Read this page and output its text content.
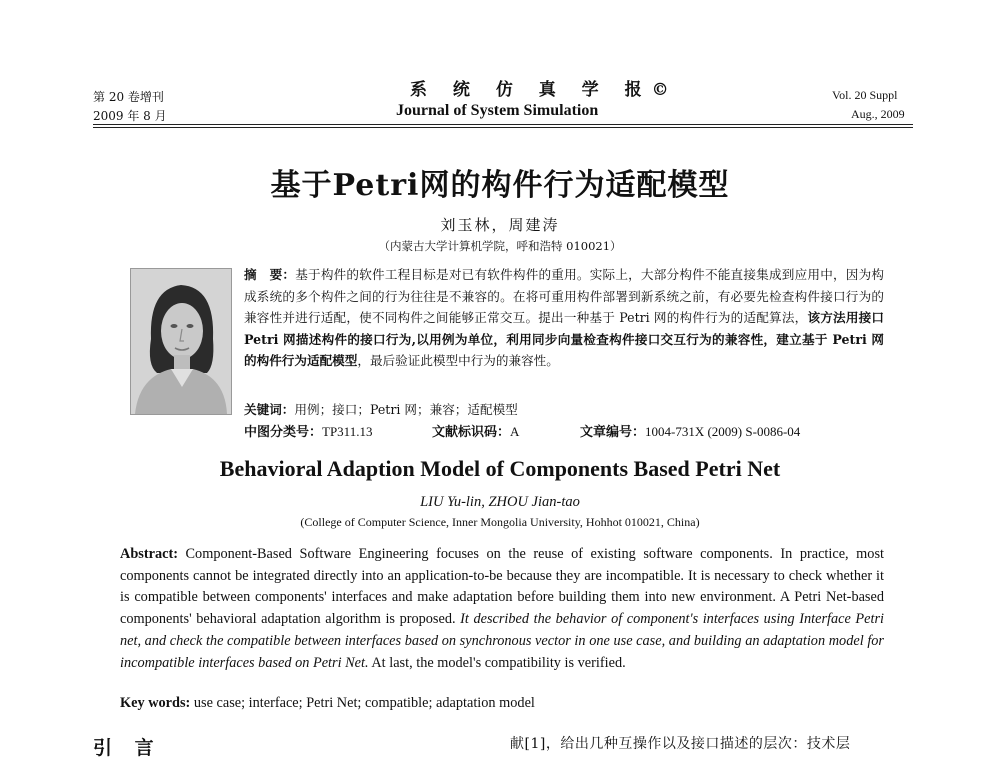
第 20 卷增刊
2009 年 8 月
系 统 仿 真 学 报©
Journal of System Simulation
Vol. 20 Suppl
Aug., 2009
基于Petri网的构件行为适配模型
刘玉林，周建涛
（内蒙古大学计算机学院，呼和浩特 010021）
摘　要：基于构件的软件工程目标是对已有软件构件的重用。实际上，大部分构件不能直接集成到应用中，因为构成系统的多个构件之间的行为往往是不兼容的。在将可重用构件部署到新系统之前，有必要先检查构件接口行为的兼容性并进行适配，使不同构件之间能够正常交互。提出一种基于 Petri 网的构件行为的适配算法，该方法用接口 Petri 网描述构件的接口行为,以用例为单位，利用同步向量检查构件接口交互行为的兼容性，建立基于 Petri 网的构件行为适配模型，最后验证此模型中行为的兼容性。
关键词：用例；接口；Petri 网；兼容；适配模型
中图分类号：TP311.13	文献标识码：A	文章编号：1004-731X (2009) S-0086-04
Behavioral Adaption Model of Components Based Petri Net
LIU Yu-lin, ZHOU Jian-tao
(College of Computer Science, Inner Mongolia University, Hohhot 010021, China)
Abstract: Component-Based Software Engineering focuses on the reuse of existing software components. In practice, most components cannot be integrated directly into an application-to-be because they are incompatible. It is necessary to check whether it is compatible between components' interfaces and make adaptation before building them into new environment. A Petri Net-based components' behavioral adaptation algorithm is proposed. It described the behavior of component's interfaces using Interface Petri net, and check the compatible between interfaces based on synchronous vector in one use case, and building an adaptation model for incompatible interfaces based on Petri Net. At last, the model's compatibility is verified.
Key words: use case; interface; Petri Net; compatible; adaptation model
引 言	献[1]，给出几种互操作以及接口描述的层次：技术层
